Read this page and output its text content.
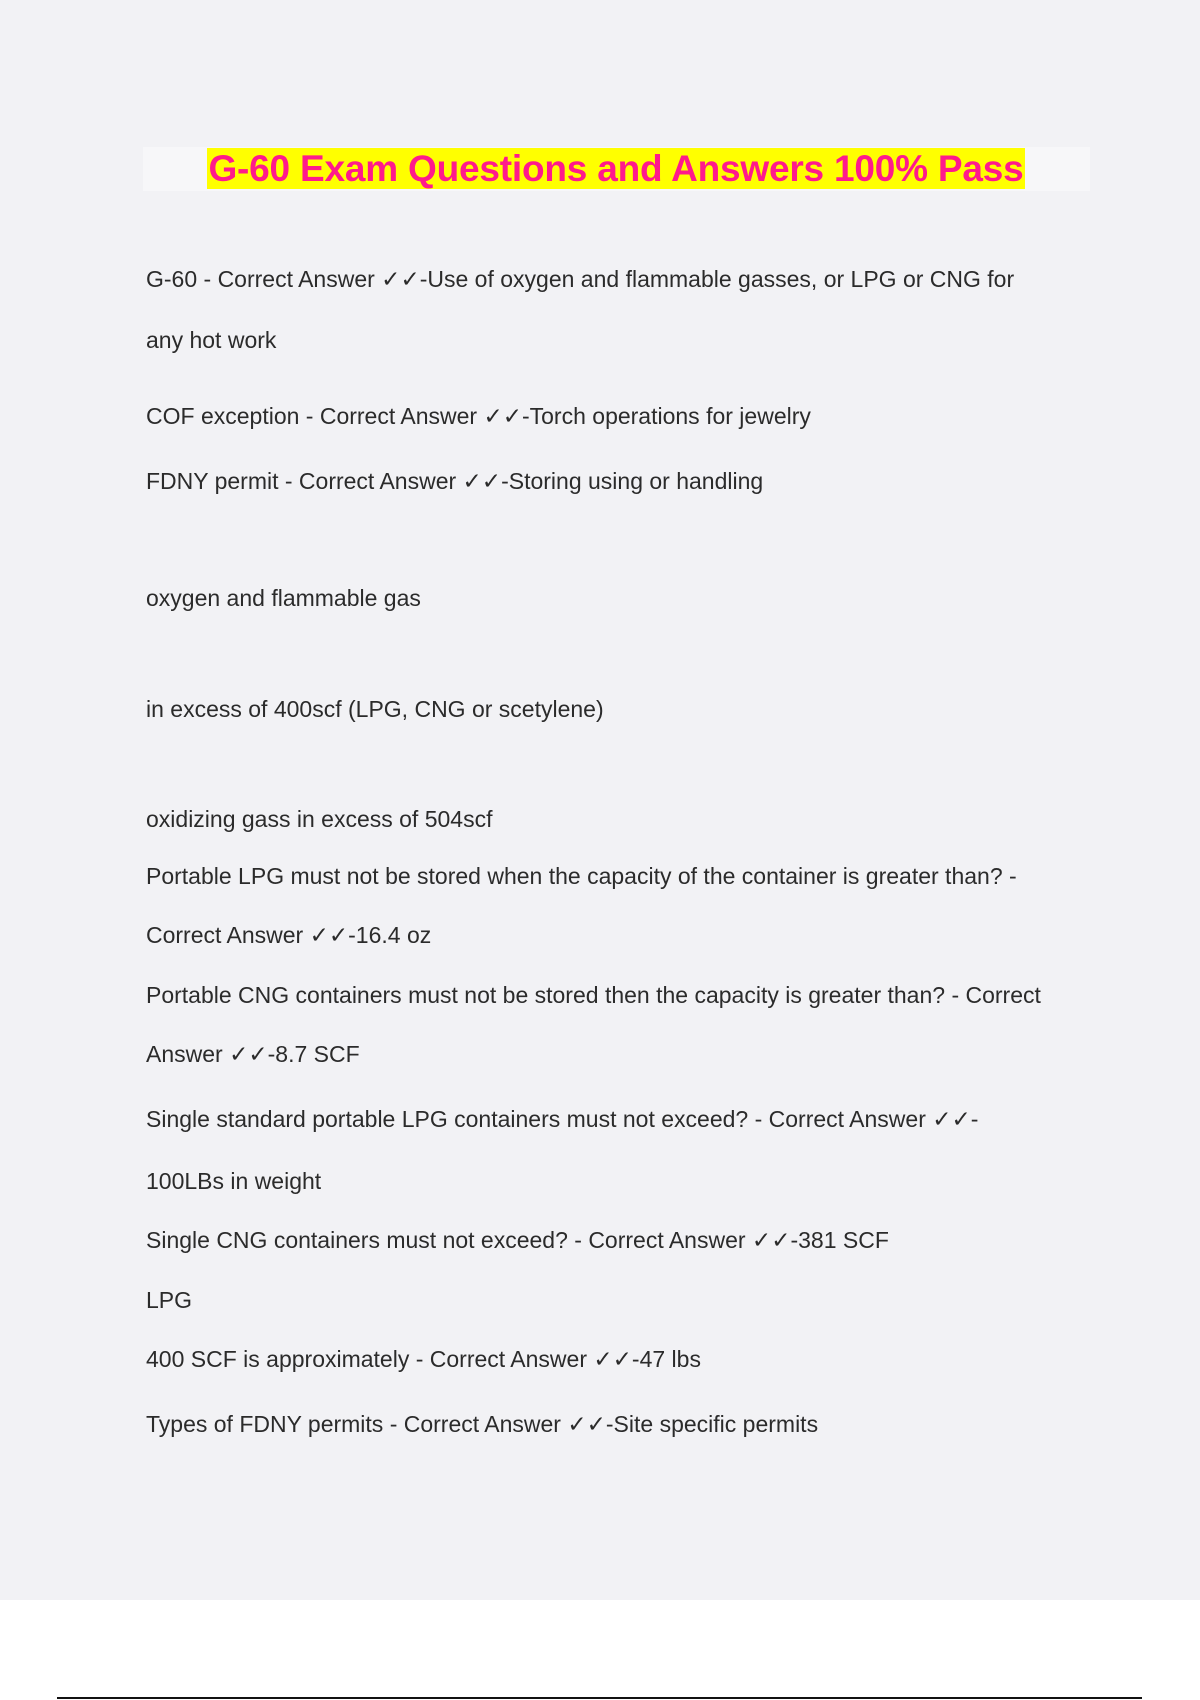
G-60 Exam Questions and Answers 100% Pass

G-60 - Correct Answer ✓✓-Use of oxygen and flammable gasses, or LPG or CNG for

any hot work

COF exception - Correct Answer ✓✓-Torch operations for jewelry

FDNY permit - Correct Answer ✓✓-Storing using or handling

oxygen and flammable gas

in excess of 400scf (LPG, CNG or scetylene)

oxidizing gass in excess of 504scf

Portable LPG must not be stored when the capacity of the container is greater than? -

Correct Answer ✓✓-16.4 oz

Portable CNG containers must not be stored then the capacity is greater than? - Correct

Answer ✓✓-8.7 SCF

Single standard portable LPG containers must not exceed? - Correct Answer ✓✓-

100LBs in weight

Single CNG containers must not exceed? - Correct Answer ✓✓-381 SCF

LPG

400 SCF is approximately - Correct Answer ✓✓-47 lbs

Types of FDNY permits - Correct Answer ✓✓-Site specific permits
